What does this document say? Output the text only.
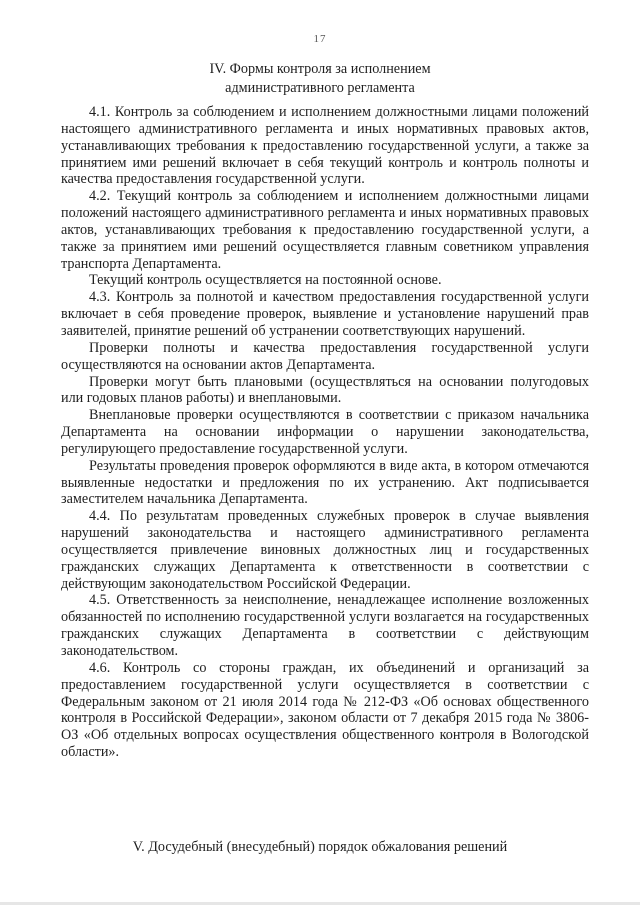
17
IV. Формы контроля за исполнением
административного регламента

4.1. Контроль за соблюдением и исполнением должностными лицами положений настоящего административного регламента и иных нормативных правовых актов, устанавливающих требования к предоставлению государственной услуги, а также за принятием ими решений включает в себя текущий контроль и контроль полноты и качества предоставления государственной услуги.

4.2. Текущий контроль за соблюдением и исполнением должностными лицами положений настоящего административного регламента и иных нормативных правовых актов, устанавливающих требования к предоставлению государственной услуги, а также за принятием ими решений осуществляется главным советником управления транспорта Департамента.

Текущий контроль осуществляется на постоянной основе.

4.3. Контроль за полнотой и качеством предоставления государственной услуги включает в себя проведение проверок, выявление и установление нарушений прав заявителей, принятие решений об устранении соответствующих нарушений.

Проверки полноты и качества предоставления государственной услуги осуществляются на основании актов Департамента.

Проверки могут быть плановыми (осуществляться на основании полугодовых или годовых планов работы) и внеплановыми.

Внеплановые проверки осуществляются в соответствии с приказом начальника Департамента на основании информации о нарушении законодательства, регулирующего предоставление государственной услуги.

Результаты проведения проверок оформляются в виде акта, в котором отмечаются выявленные недостатки и предложения по их устранению. Акт подписывается заместителем начальника Департамента.

4.4. По результатам проведенных служебных проверок в случае выявления нарушений законодательства и настоящего административного регламента осуществляется привлечение виновных должностных лиц и государственных гражданских служащих Департамента к ответственности в соответствии с действующим законодательством Российской Федерации.

4.5. Ответственность за неисполнение, ненадлежащее исполнение возложенных обязанностей по исполнению государственной услуги возлагается на государственных гражданских служащих Департамента в соответствии с действующим законодательством.

4.6. Контроль со стороны граждан, их объединений и организаций за предоставлением государственной услуги осуществляется в соответствии с Федеральным законом от 21 июля 2014 года № 212-ФЗ «Об основах общественного контроля в Российской Федерации», законом области от 7 декабря 2015 года № 3806-ОЗ «Об отдельных вопросах осуществления общественного контроля в Вологодской области».

V. Досудебный (внесудебный) порядок обжалования решений
